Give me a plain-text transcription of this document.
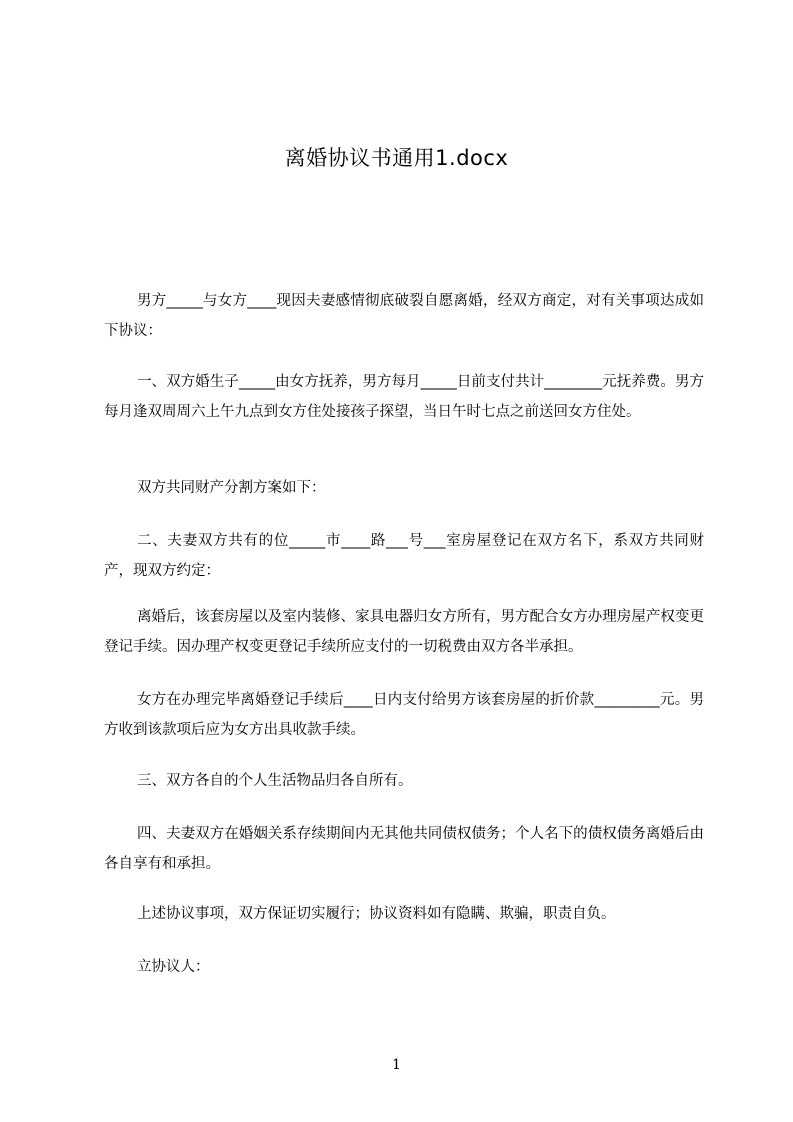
离婚协议书通用1.docx

男方_____与女方____现因夫妻感情彻底破裂自愿离婚，经双方商定，对有关事项达成如下协议：

一、双方婚生子_____由女方抚养，男方每月_____日前支付共计________元抚养费。男方每月逢双周周六上午九点到女方住处接孩子探望，当日午时七点之前送回女方住处。

双方共同财产分割方案如下：

二、夫妻双方共有的位_____市____路___号___室房屋登记在双方名下，系双方共同财产，现双方约定：

离婚后，该套房屋以及室内装修、家具电器归女方所有，男方配合女方办理房屋产权变更登记手续。因办理产权变更登记手续所应支付的一切税费由双方各半承担。

女方在办理完毕离婚登记手续后____日内支付给男方该套房屋的折价款_________元。男方收到该款项后应为女方出具收款手续。

三、双方各自的个人生活物品归各自所有。

四、夫妻双方在婚姻关系存续期间内无其他共同债权债务；个人名下的债权债务离婚后由各自享有和承担。

上述协议事项，双方保证切实履行；协议资料如有隐瞒、欺骗，职责自负。

立协议人：

1
